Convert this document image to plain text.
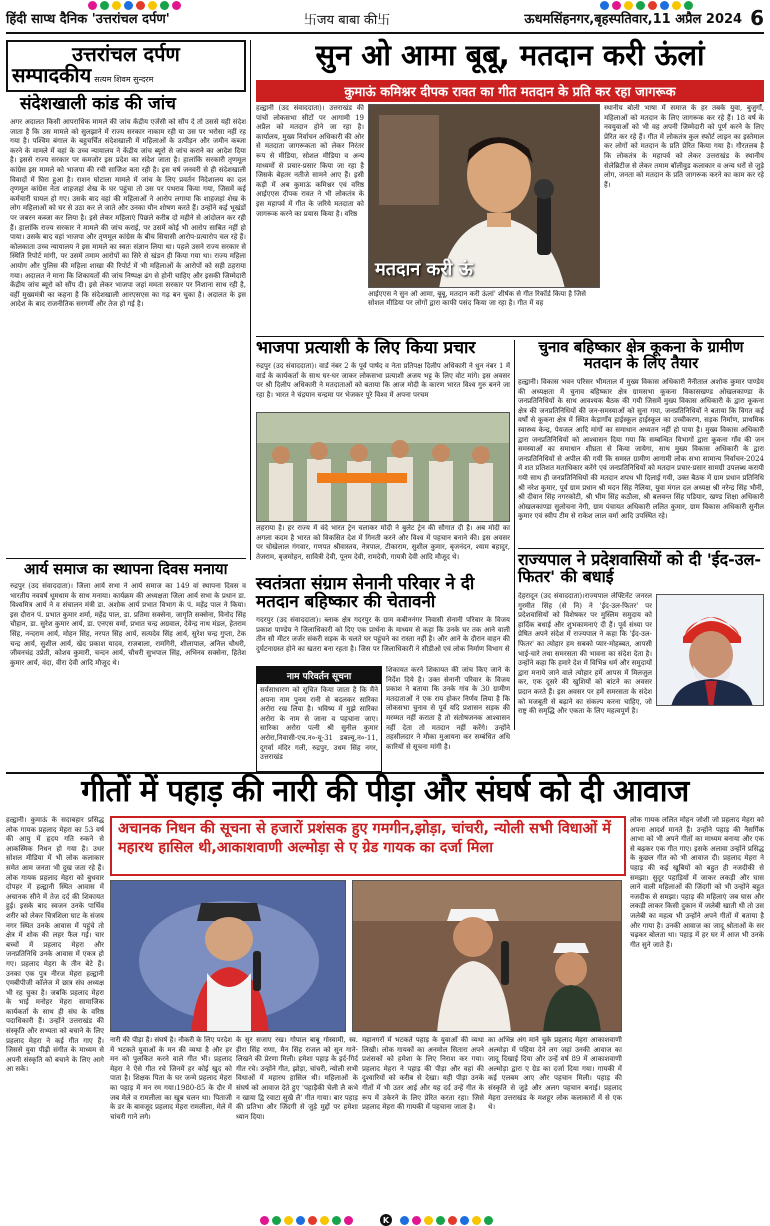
हिंदी साप्ध दैनिक 'उत्तरांचल दर्पण'	卐जय बाबा की卐	ऊधमसिंहनगर,बृहस्पतिवार,11 अप्रैल 2024 6
उत्तरांचल दर्पण
सम्पादकीय सत्यम शिवम सुन्दरम
संदेशखाली कांड की जांच
अगर अदालत किसी आपराधिक मामले की जांच केंद्रीय एजेंसी को सौंप दे तो उससे यही संदेश जाता है कि उस मामले को सुलझाने में राज्य सरकार नाकाम रही या उस पर भरोसा नहीं रह गया है। पश्चिम बंगाल के बहुचर्चित संदेशखाली में महिलाओं के उत्पीड़न और जमीन कब्जा करने के मामले में वहां के उच्च न्यायालय ने केंद्रीय जांच ब्यूरो से जांच कराने का आदेश दिया है। इससे राज्य सरकार पर कमजोर इस प्रदेश का संदेश जाता है। हालांकि सरकारी तृणमूल कांग्रेस इस मामले को भाजपा की रची साजिश बता रही है। इस वर्ष जनवरी से ही संदेशखाली विवादों में घिरा हुआ है। राशन घोटाला मामले में जांच के लिए प्रवर्तन निदेशालय का दल तृणमूल कांग्रेस नेता शाहजहां शेख के घर पहुंचा तो उस पर पथराव किया गया, जिसमें कई कर्मचारी घायल हो गए। उसके बाद वहां की महिलाओं ने आरोप लगाया कि शाहजहां शेख के लोग महिलाओं को घर से उठा कर ले जाते और उनका यौन शोषण करते हैं। उन्होंने कई भूखंडों पर जबरन कब्जा कर लिया है। इसे लेकर महिलाएं पिछले करीब दो महीने से आंदोलन कर रही हैं। हालांकि राज्य सरकार ने मामले की जांच कराई, पर उसमें कोई भी आरोप साबित नहीं हो पाया। उसके बाद वहां भाजपा और तृणमूल कांग्रेस के बीच सियासी आरोप-प्रत्यारोप चल रहे हैं। कोलकाता उच्च न्यायालय ने इस मामले का स्वतः संज्ञान लिया था। पहले उसने राज्य सरकार से स्थिति रिपोर्ट मांगी, पर उसमें तमाम आरोपों का सिरे से खंडन ही किया गया था। राज्य महिला आयोग और पुलिस की महिला शाखा की रिपोर्ट में भी महिलाओं के आरोपों को सही ठहराया गया। अदालत ने माना कि शिकायतों की जांच निष्पक्ष ढंग से होनी चाहिए और इसकी जिम्मेदारी केंद्रीय जांच ब्यूरो को सौंप दी। इसे लेकर भाजपा जहां ममता सरकार पर निशाना साध रही है, वहीं मुख्यमंत्री का कहना है कि संदेशखाली आरएसएस का गढ़ बन चुका है। अदालत के इस आदेश के बाद राजनीतिक सरगर्मी और तेज हो गई है।
आर्य समाज का स्थापना दिवस मनाया
रुद्रपुर (उद संवाददाता)। जिला आर्य सभा ने आर्य समाज का 149 वां स्थापना दिवस व भारतीय नववर्ष धूमधाम के साथ मनाया। कार्यक्रम की अध्यक्षता जिला आर्य सभा के प्रधान डा. विश्वमित्र आर्य ने व संचालन मंत्री डा. अशोक आर्य प्रभात विभाग के पं. महेंद्र पाल ने किया। इस दौरान पं. प्रभात कुमार शर्मा, महेंद्र पाल, डा. प्रतिमा सक्सेना, जागृति सक्सेना, विनोद सिंह चौहान, डा. सुरेश कुमार आर्य, डा. एनएस वर्मा, प्रभात चन्द्र अग्रवाल, देवेन्द्र नाथ मंडल, हेतराम सिंह, नन्दराम आर्य, मोहन सिंह, नरपत सिंह आर्य, सत्यदेव सिंह आर्य, सुरेश चन्द्र गुप्ता, टेक चन्द्र आर्य, सुशील आर्य, खेद प्रकाश यादव, राजबाला, रामगिरी, शीलापाल, अनिल चौधरी, जीवनचंद्र उप्रेती, कोशव कुमारी, चन्दन आर्य, चौधरी सुभपाल सिंह, अभिनव सक्सेना, हितेश कुमार आर्य, वंदा, वीरा देवी आदि मौजूद थे।
सुन ओ आमा बूबू, मतदान करी ऊंलां
कुमाऊं कमिश्नर दीपक रावत का गीत मतदान के प्रति कर रहा जागरूक
हल्द्वानी (उद संवाददाता)। उत्तराखंड की पांचों लोकसभा सीटों पर आगामी 19 अप्रैल को मतदान होने जा रहा है। कार्यालय, मुख्य निर्वाचन अधिकारी की ओर से मतदाता जागरूकता को लेकर निरंतर रूप से मीडिया, सोशल मीडिया व अन्य माध्यमों से प्रचार-प्रसार किया जा रहा है जिसके बेहतर नतीजे सामने आए हैं। इसी कड़ी में अब कुमाऊं कमिश्नर एवं वरिष्ठ आईएएस दीपक रावत ने भी लोकतंत्र के इस महापर्व में गीत के जरिये मतदाता को जागरूक करने का प्रयास किया है। वरिष्ठ
मतदान करी ऊं
आईएएस ने सुन ओ आमा, बूबू, मतदान करी ऊंलां' शीर्षक से गीत रिकॉर्ड किया है जिसे सोशल मीडिया पर लोगों द्वारा काफी पसंद किया जा रहा है। गीत में वह
स्थानीय बोली भाषा में समाज के हर तबके युवा, बुजुर्गों, महिलाओं को मतदान के लिए जागरूक कर रहे हैं। 18 वर्ष के नवयुवाओं को भी वह अपनी जिम्मेदारी को पूर्ण करने के लिए प्रेरित कर रहे हैं। गीत में लोकतंत्र कुल स्फोर्ट लाइन का इस्तेमाल कर लोगों को मतदान के प्रति प्रेरित किया गया है। गौरतलब है कि लोकतंत्र के महापर्व को लेकर उत्तराखंड के स्थानीय सेलेब्रिटीज से लेकर तमाम बॉलीवुड कलाकार व अन्य धरों से जुड़े लोग, जनता को मतदान के प्रति जागरूक करने का काम कर रहे हैं।
भाजपा प्रत्याशी के लिए किया प्रचार
रुद्रपुर (उद संवाददाता)। वार्ड नंबर 2 के पूर्व पार्षद व नेता प्रतिपक्ष दिलीप अधिकारी ने धुन नंबर 1 में वार्ड के कार्यकर्ता के साथ घर-घर जाकर लोकसभा प्रत्याशी अजय भट्ट के लिए वोट मांगे। इस अवसर पर श्री दिलीप अधिकारी ने मतदाताओं को बताया कि आज मोदी के कारण भारत विश्व गुरु बनने जा रहा है। भारत ने चंद्रयान चन्द्रमा पर भेजकर पूरे विश्व में अपना परचम
लहराया है। हर राज्य में वंदे भारत ट्रेन चलाकर मोदी ने बुलेट ट्रेन की सौगात दी है। अब मोदी का अगला कदम है भारत को विकसित देश में गिनती करने और विश्व में पहचान बनाने की। इस अवसर पर चोखेलाल गंगवार, गणपत श्रीवास्तव, नेत्रपाल, टीकाराम, सुशील कुमार, बृजनंदन, श्याम बहादुर, तेजराम, बृजमोहन, सावित्री देवी, पूनम देवी, रामदेवी, गायत्री देवी आदि मौजूद थे।
स्वतंत्रता संग्राम सेनानी परिवार ने दी मतदान बहिष्कार की चेतावनी
गदरपुर (उद संवाददाता)। ब्लाक क्षेत्र गदरपुर के ग्राम कबीननंगर निवासी सेनानी परिवार के विजय प्रकाश पाण्डेय ने जिलाधिकारी को दिए एक प्रार्थना के माध्यम से कहा कि उनके घर तक आने वाली तीन सौ मीटर जर्जर संकरी सड़क के चलते घर पहुंचने का रास्ता नहीं है। और आने के दौरान वाहन की दुर्घटनाग्रस्त होने का खतरा बना रहता है। जिस पर जिलाधिकारी ने सीडीओ एवं लोक निर्माण विभाग से
शिकायत करने शिकायत की जांच किए जाने के निर्देश दिये है। उक्त सेनानी परिवार के विजय प्रकाश ने बताया कि उनके गांव के 30 ग्रामीण मतदाताओं ने एक राय होकर निर्णय लिया है कि लोकसभा चुनाव से पूर्व यदि प्रशासन सड़क की मरम्मत नहीं कराता है तो संतोषजनक आश्वासन नहीं देता तो मतदान नहीं करेंगे। उन्होंने तहसीलदार ने मौका मुआयना कर सम्बंधित अधि कारियों से सूचना मांगी है।
नाम परिवर्तन सूचना
सर्वसाधारण को सूचित किया जाता है कि मैंने अपना नाम पुनम रानी से बदलकर सारिका अरोरा रख लिया है। भविष्य में मुझे सारिका अरोरा के नाम से जाना व पहचाना जाए। सारिका अरोरा पत्नी श्री सुनील कुमार अरोरा,निवासी-एच.न०-यू-31 डबल्यू.न०-11, दूगर्वा मंदिर गली, रुद्रपुर, उधम सिंह नगर, उत्तराखंड
चुनाव बहिष्कार क्षेत्र कूकना के ग्रामीण मतदान के लिए तैयार
हल्द्वानी। विकास भवन परिसर भीमताल में मुख्य विकास अधिकारी नैनीताल अशोक कुमार पाण्डेय की अध्यक्षता में चुनाव बहिष्कार क्षेत्र ग्रामसभा कूकना विकासखण्ड ओखलकाण्डा के जनप्रतिनिधियों के साथ आवश्यक बैठक की गयी जिसमें मुख्य विकास अधिकारी के द्वारा कूकना क्षेत्र की जनप्रतिनिधियों की जन-समस्याओं को सुना गया, जनप्रतिनिधियों ने बताया कि विगत कई वर्षों से कूकना क्षेत्र में स्थित केड़ागाँव हाईस्कूल हाईस्कूल का उच्चीकरण, सड़क निर्माण, प्राथमिक स्वास्थ्य केन्द्र, पेयजल आदि मांगों का समाधान अध्यतन नहीं हो पाया है। मुख्य विकास अधिकारी द्वारा जनप्रतिनिधियों को आश्वासन दिया गया कि सम्बन्धित विभागों द्वारा कूकना गाँव की जन समस्याओं का समाधान शीघ्रता से किया जायेगा, साथ मुख्य विकास अधिकारी के द्वारा जनप्रतिनिधियों से अपील की गयी कि समस्त ग्रामीण आगामी लोक सभा सामान्य निर्वाचन-2024 में शत प्रतिशत मताधिकार करेंगे एवं जनप्रतिनिधियों को मतदान प्रचार-प्रसार सामग्री उपलब्ध करायी गयी साथ ही जनप्रतिनिधियों की मतदान शपथ भी दिलाई गयी, उक्त बैठक में ग्राम प्रधान प्रतिनिधि श्री नरेश कुमार, पूर्व ग्राम प्रधान श्री मदन सिंह नैलिया, युवा मंगल दल अध्यक्ष श्री नरेन्द्र सिंह भौनी, श्री दीवान सिंह नगरकोटी, श्री भीम सिंह कठौला, श्री बलवन्त सिंह पडियार, खण्ड शिक्षा अधिकारी ओखलकाण्डा सुलोचना नेगी, ग्राम पंचायत अधिकारी ललित कुमार, ग्राम विकास अधिकारी सुनील कुमार एवं स्वीप टीम से राकेश लाल वर्मा आदि उपस्थित रहे।
राज्यपाल ने प्रदेशवासियों को दी 'ईद-उल-फितर' की बधाई
देहरादून (उद संवाददाता)।राज्यपाल लेफ्टिनेंट जनरल गुरमीत सिंह (से नि) ने 'ईद-उल-फितर' पर प्रदेशवासियों को विशेषकर पर मुस्लिम समुदाय को हार्दिक बधाई और शुभकामनाएं दी हैं। पूर्व संध्या पर प्रेषित अपने संदेश में राज्यपाल ने कहा कि 'ईद-उल-फितर' का त्योहार हम सबको प्यार-मोहब्बत, आपसी भाई-चारे तथा समरसता की भावना का संदेश देता है। उन्होंने कहा कि हमारे देश में विभिन्न धर्म और समुदायों द्वारा मनाये जाने वाले त्योहार हमें आपस में मिलजुल कर, एक दूसरे की खुशियों को बांटने का अवसर प्रदान करते हैं। इस अवसर पर हमें समरसता के संदेश को मजबूती से बढ़ाने का संकल्प करना चाहिए, जो राष्ट्र की समृद्धि और एकता के लिए महत्वपूर्ण है।
गीतों में पहाड़ की नारी की पीड़ा और संघर्ष को दी आवाज
अचानक निधन की सूचना से हजारों प्रशंसक हुए गमगीन,झोड़ा, चांचरी, न्योली सभी विधाओं में महारथ हासिल थी,आकाशवाणी अल्मोड़ा से ए ग्रेड गायक का दर्जा मिला
हल्द्वानी। कुमाऊं के सदाबहार प्रसिद्ध लोक गायक प्रहलाद मेहरा का 53 वर्ष की आयु में हृदय गति रुकने से आकस्मिक निधन हो गया है। उधर सोशल मीडिया में भी लोक कलाकार समेत आम जनता भी दुख जता रहे हैं। लोक गायक प्रहलाद मेहरा को बुधवार दोपहर में हल्द्वानी स्थित आवास में अचानक सीने में तेज दर्द की शिकायत हुई। इसके बाद स्वजन उनके पार्थिव शरीर को लेकर चित्रशिला घाट के संजय नगर स्थित उनके आवास में पहुंचे तो क्षेत्र में शोक की लहर फैल गई। चार बच्चों में प्रहलाद मेहरा और जनप्रतिनिधि उनके आवास में एकत्र हो गए। प्रहलाद मेहरा के तीन बेटे हैं। उनका एक पुत्र नीरज मेहरा हल्द्वानी एमबीपीजी कॉलेज में छात्र संघ अध्यक्ष भी रह चुका है। जबकि प्रहलाद मेहरा के भाई मनोहर मेहरा सामाजिक कार्यकर्ता के साथ ही संघ के वरिष्ठ पदाधिकारी हैं। उन्होंने उत्तराखंड की संस्कृति और सभ्यता को बचाने के लिए प्रहलाद मेहरा ने कई गीत गाए हैं। जिससे युवा पीढ़ी संगीत के माध्यम से अपनी संस्कृति को बचाने के लिए आगे आ सके।
नारी की पीड़ा है। संघर्ष है। नौकरी के लिए परदेश में भटकते युवाओं के मन की व्यथा है और हर मन को पुलकित करने वाले गीत भी। प्रहलाद मेहरा ने ऐसे गीत रचे जिनमें हर कोई खुद को पाता है। शिक्षक पिता के घर जन्मे प्रहलाद मेहरा का पहाड़ में मन रम गया।1980-85 के दौर में जब मेले व रामलीला का खूब चलन था। पिताजी के डर के बावजूद प्रहलाद मेहरा रामलीला, मेले में चांचरी गाने लगे।
के सुर सजाए रख। गोपाल बाबू गोस्वामी, स्व. हीरा सिंह राणा, मैन सिंह राजल को सुन गाने-लिखने की प्रेरणा मिली। हमेशा पहाड़ के इर्द-गिर्द गीत रचे। उन्होंने गीत, झोड़ा, चांचरी, न्योली सभी विधाओं में महारथ हासिल थी। महिलाओं के संघर्ष को आवाज देते हुए 'पहाड़ैकी चेली लै कभे न खाया द्वि रवाटा सुखै लै' गीत गाया। बार पहाड़ की प्रतिभा और जिंदगी से जुड़े मुद्दों पर हमेशा ध्यान दिया।
महानगरों में भटकते पहाड़ के युवाओं की व्यथा लिखी। लोक गायकों का अनमोल सितारा अपने प्रशंसकों को हमेशा के लिए निराश कर गया। प्रहलाद मेहरा ने पहाड़ की पीड़ा और वहां की दुश्वारियों को करीब से देखा। यही पीड़ा उनके गीतों में भी उतर आई और यह दर्द उन्हें गीत के रूप में उकेरने के लिए प्रेरित करता रहा। जिसे प्रहलाद मेहरा की गायकी में पहचाना जाता है।
का अभिन्न अंग माने चुके प्रहलाद मेहरा आकाशवाणी अल्मोड़ा में पहिया देने लग जहां उनकी आवाज का जादू दिखाई दिया और उन्हें वर्ष 89 में आकाशवाणी अल्मोड़ा द्वारा ए ग्रेड का दर्जा दिया गया। गायकी में कई एलबम आए और पहचान मिली। पहाड़ की संस्कृति से जुड़े और अलग पहचान बनाई। प्रहलाद मेहरा उत्तराखंड के मशहूर लोक कलाकारों में से एक थे।
लोक गायक ललित मोहन जोशी जो प्रहलाद मेहरा को अपना आदर्श मानते हैं। उन्होंने पहाड़ की नैसर्गिक आभा को भी अपने गीतों का माध्यम बनाया और एक से बढ़कर एक गीत गाए। इसके अलावा उन्होंने प्रसिद्ध के कुछल गीत को भी आवाज दी। प्रहलाद मेहरा ने पहाड़ की कई खूबियों को बहुत ही नजदीकी से समझा। सुदूर पहाड़ियों में जाकर लकड़ी और घास लाने वाली महिलाओं की जिंदगी को भी उन्होंने बहुत नजदीक से समझा। पहाड़ की महिलाएं जब घास और लकड़ी लाकर किसी दुकान में जलेबी खाती थी तो उस जलेबी का महत्व भी उन्होंने अपने गीतों में बताया है और गाया है। उनकी आवाज का जादू श्रोताओं के सर चढ़कर बोलता था। पहाड़ में हर घर में आज भी उनके गीत सुने जाते हैं।
K
